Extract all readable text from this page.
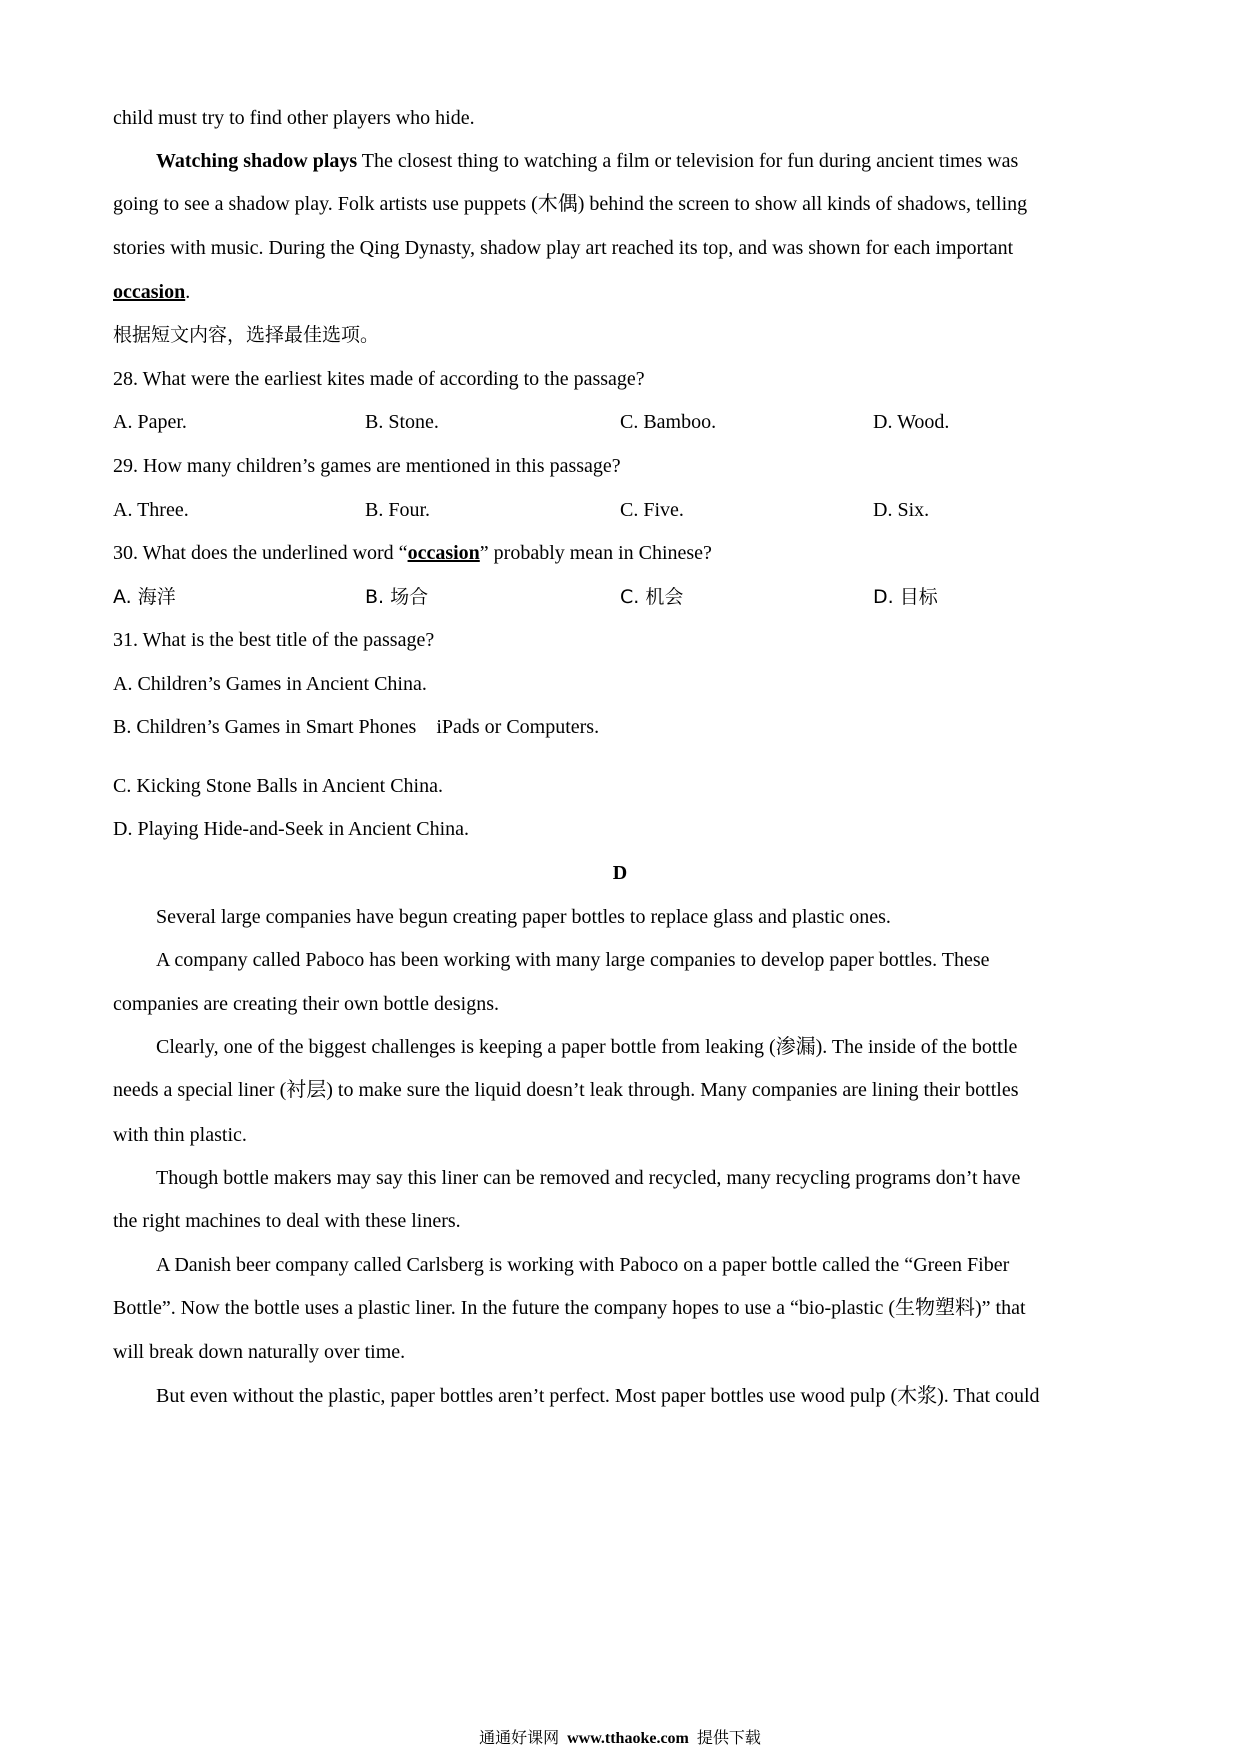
child must try to find other players who hide.
Watching shadow plays The closest thing to watching a film or television for fun during ancient times was
going to see a shadow play. Folk artists use puppets (木偶) behind the screen to show all kinds of shadows, telling
stories with music. During the Qing Dynasty, shadow play art reached its top, and was shown for each important
occasion.
根据短文内容，选择最佳选项。
28. What were the earliest kites made of according to the passage?
A. Paper.	B. Stone.	C. Bamboo.	D. Wood.
29. How many children’s games are mentioned in this passage?
A. Three.	B. Four.	C. Five.	D. Six.
30. What does the underlined word “occasion” probably mean in Chinese?
A. 海洋	B. 场合	C. 机会	D. 目标
31. What is the best title of the passage?
A. Children’s Games in Ancient China.
B. Children’s Games in Smart Phones    iPads or Computers.
C. Kicking Stone Balls in Ancient China.
D. Playing Hide-and-Seek in Ancient China.
D
Several large companies have begun creating paper bottles to replace glass and plastic ones.
A company called Paboco has been working with many large companies to develop paper bottles. These
companies are creating their own bottle designs.
Clearly, one of the biggest challenges is keeping a paper bottle from leaking (渗漏). The inside of the bottle
needs a special liner (衬层) to make sure the liquid doesn’t leak through. Many companies are lining their bottles
with thin plastic.
Though bottle makers may say this liner can be removed and recycled, many recycling programs don’t have
the right machines to deal with these liners.
A Danish beer company called Carlsberg is working with Paboco on a paper bottle called the “Green Fiber
Bottle”. Now the bottle uses a plastic liner. In the future the company hopes to use a “bio-plastic (生物塑料)” that
will break down naturally over time.
But even without the plastic, paper bottles aren’t perfect. Most paper bottles use wood pulp (木浆). That could
通通好课网 www.tthaoke.com 提供下载
